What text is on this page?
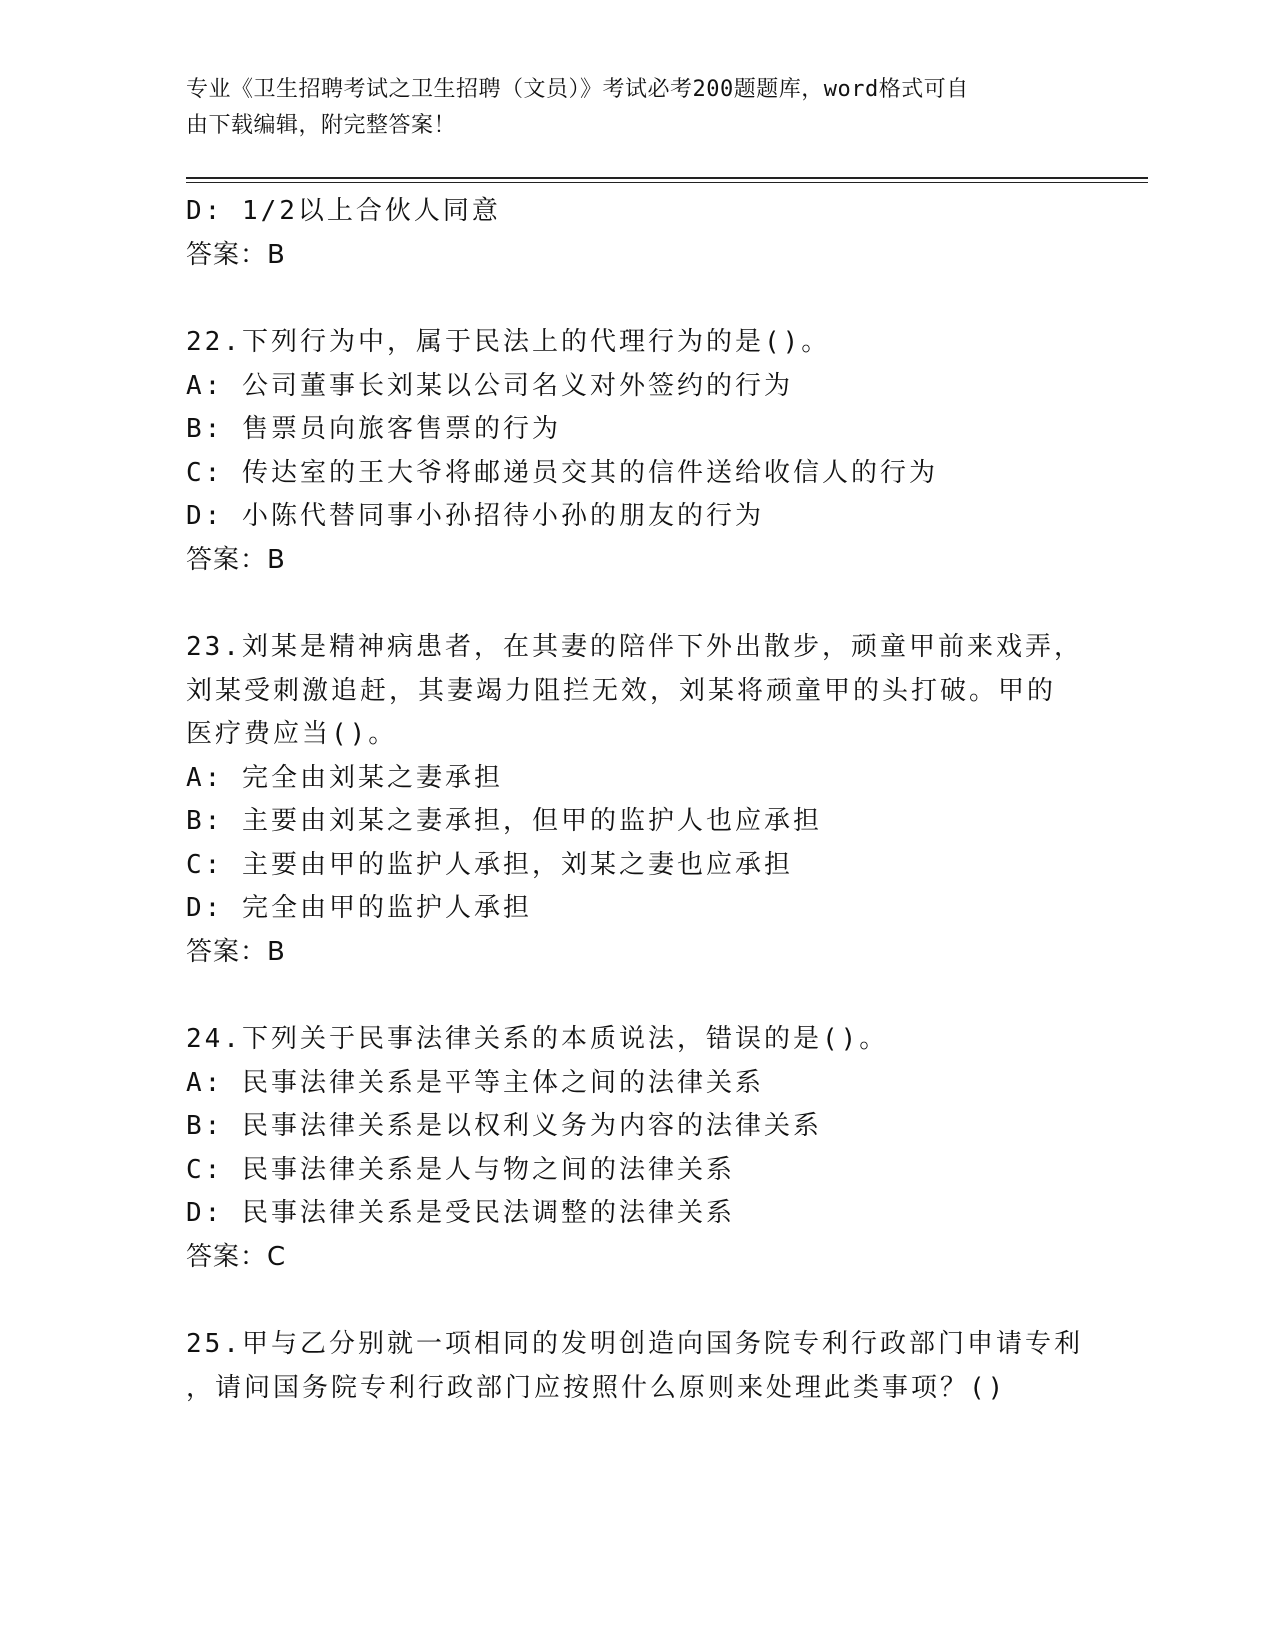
专业《卫生招聘考试之卫生招聘（文员）》考试必考200题题库，word格式可自
由下载编辑，附完整答案！
D: 1/2以上合伙人同意
答案：B
22.下列行为中，属于民法上的代理行为的是()。
A: 公司董事长刘某以公司名义对外签约的行为
B: 售票员向旅客售票的行为
C: 传达室的王大爷将邮递员交其的信件送给收信人的行为
D: 小陈代替同事小孙招待小孙的朋友的行为
答案：B
23.刘某是精神病患者，在其妻的陪伴下外出散步，顽童甲前来戏弄，
刘某受刺激追赶，其妻竭力阻拦无效，刘某将顽童甲的头打破。甲的
医疗费应当()。
A: 完全由刘某之妻承担
B: 主要由刘某之妻承担，但甲的监护人也应承担
C: 主要由甲的监护人承担，刘某之妻也应承担
D: 完全由甲的监护人承担
答案：B
24.下列关于民事法律关系的本质说法，错误的是()。
A: 民事法律关系是平等主体之间的法律关系
B: 民事法律关系是以权利义务为内容的法律关系
C: 民事法律关系是人与物之间的法律关系
D: 民事法律关系是受民法调整的法律关系
答案：C
25.甲与乙分别就一项相同的发明创造向国务院专利行政部门申请专利
，请问国务院专利行政部门应按照什么原则来处理此类事项？()
